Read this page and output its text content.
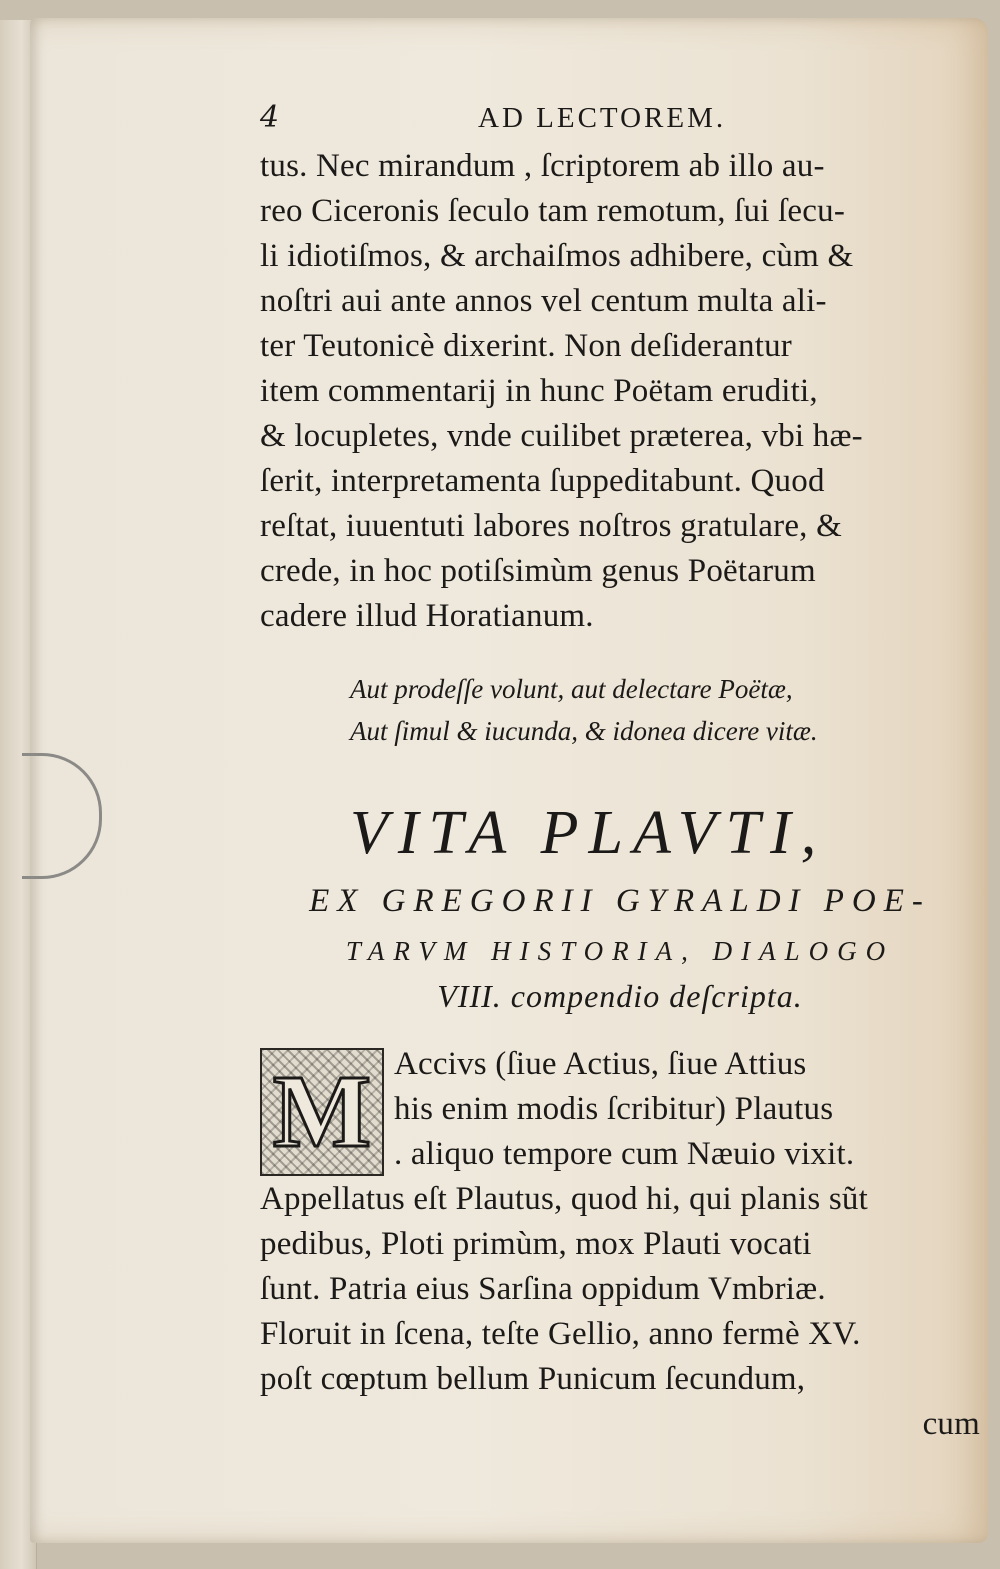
4	AD LECTOREM.
tus. Nec mirandum , ſcriptorem ab illo au-
reo Ciceronis ſeculo tam remotum, ſui ſecu-
li idiotiſmos, & archaiſmos adhibere, cùm &
noſtri aui ante annos vel centum multa ali-
ter Teutonicè dixerint. Non deſiderantur
item commentarij in hunc Poëtam eruditi,
& locupletes, vnde cuilibet præterea, vbi hæ-
ſerit, interpretamenta ſuppeditabunt. Quod
reſtat, iuuentuti labores noſtros gratulare, &
crede, in hoc potiſsimùm genus Poëtarum
cadere illud Horatianum.
Aut prodeſſe volunt, aut delectare Poëtæ,
Aut ſimul & iucunda, & idonea dicere vitæ.
VITA PLAVTI,
EX GREGORII GYRALDI POE-
TARVM HISTORIA, DIALOGO
VIII. compendio deſcripta.
M Accivs (ſiue Actius, ſiue Attius
his enim modis ſcribitur) Plautus
. aliquo tempore cum Næuio vixit.
Appellatus eſt Plautus, quod hi, qui planis sũt
pedibus, Ploti primùm, mox Plauti vocati
ſunt. Patria eius Sarſina oppidum Vmbriæ.
Floruit in ſcena, teſte Gellio, anno fermè XV.
poſt cœptum bellum Punicum ſecundum,
cum
